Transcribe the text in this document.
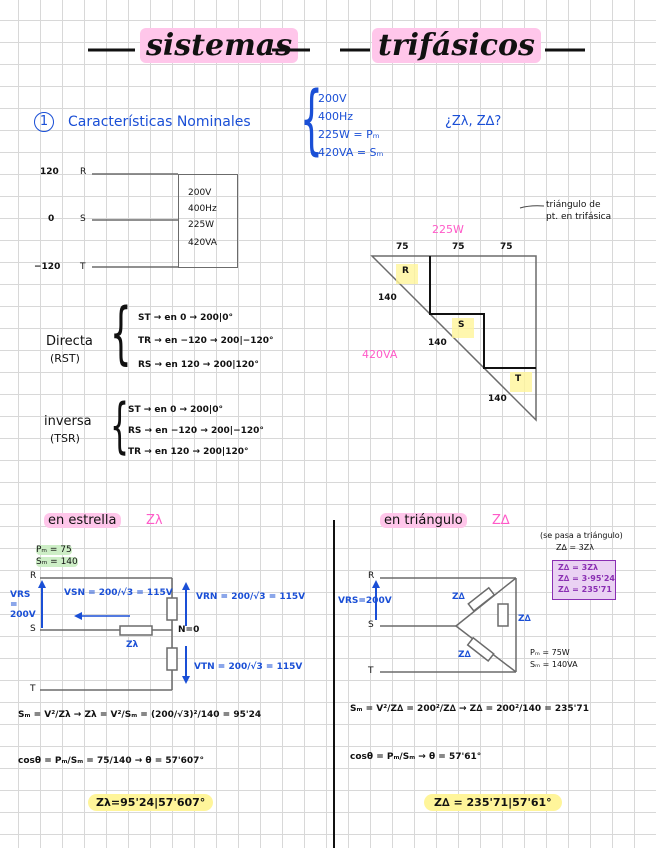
sistemas	trifásicos
1	Características Nominales {
200V
400Hz
225W = Pₘ
420VA = Sₘ
¿Zλ, Z∆?
120
0
−120
R
S
T
200V
400Hz
225W
420VA
triángulo de
pt. en trifásica
225W
75	75	75
140
140
140
420VA
R
S
T
Directa
(RST) { ST → en 0 → 200|0°
TR → en −120 → 200|−120°
RS → en 120 → 200|120°
inversa
(TSR) {
ST → en 0 → 200|0°
RS → en −120 → 200|−120°
TR → en 120 → 200|120°
en estrella	Zλ
Pₘ = 75
Sₘ = 140
R
S
T
VRS = 200V
VSN = 200/√3 = 115V	VRN = 200/√3 = 115V
VTN = 200/√3 = 115V
Zλ
N=0
Sₘ = V²/Zλ → Zλ = V²/Sₘ = (200/√3)²/140 = 95'24
cosθ = Pₘ/Sₘ = 75/140 → θ = 57'607°
Zλ=95'24|57'607°
en triángulo	Z∆
(se pasa a triángulo)
Z∆ = 3Zλ
Z∆ = 3Zλ
Z∆ = 3·95'24
Z∆ = 235'71
R
S
T
VRS=200V	Z∆
Z∆
Z∆	Pₘ = 75W
Sₘ = 140VA
Sₘ = V²/Z∆ = 200²/Z∆ → Z∆ = 200²/140 = 235'71
cosθ = Pₘ/Sₘ → θ = 57'61°
Z∆ = 235'71|57'61°
